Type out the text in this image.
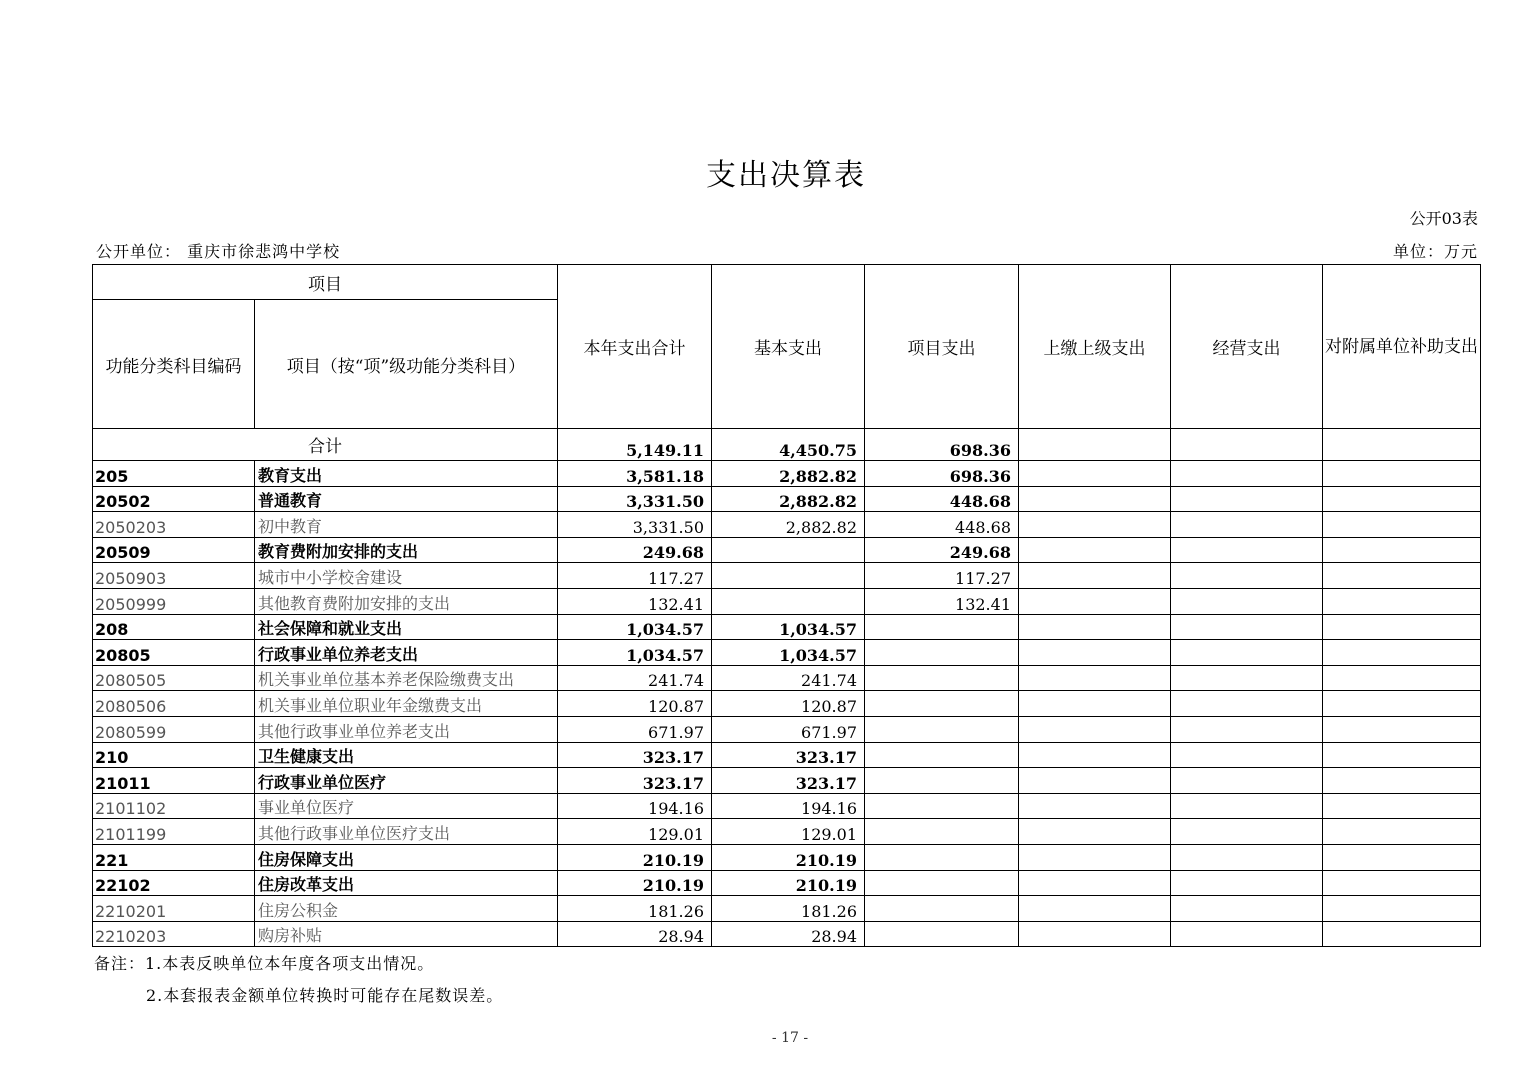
支出决算表
公开03表
公开单位： 重庆市徐悲鸿中学校	单位：万元
项目		本年支出合计	基本支出	项目支出	上缴上级支出	经营支出	对附属单位补助支出
功能分类科目编码	项目（按“项”级功能分类科目）						
合计		5,149.11	4,450.75	698.36			
205	教育支出	3,581.18	2,882.82	698.36			
20502	普通教育	3,331.50	2,882.82	448.68			
2050203	初中教育	3,331.50	2,882.82	448.68			
20509	教育费附加安排的支出	249.68		249.68			
2050903	城市中小学校舍建设	117.27		117.27			
2050999	其他教育费附加安排的支出	132.41		132.41			
208	社会保障和就业支出	1,034.57	1,034.57				
20805	行政事业单位养老支出	1,034.57	1,034.57				
2080505	机关事业单位基本养老保险缴费支出	241.74	241.74				
2080506	机关事业单位职业年金缴费支出	120.87	120.87				
2080599	其他行政事业单位养老支出	671.97	671.97				
210	卫生健康支出	323.17	323.17				
21011	行政事业单位医疗	323.17	323.17				
2101102	事业单位医疗	194.16	194.16				
2101199	其他行政事业单位医疗支出	129.01	129.01				
221	住房保障支出	210.19	210.19				
22102	住房改革支出	210.19	210.19				
2210201	住房公积金	181.26	181.26				
2210203	购房补贴	28.94	28.94				
备注：1.本表反映单位本年度各项支出情况。
2.本套报表金额单位转换时可能存在尾数误差。
- 17 -
